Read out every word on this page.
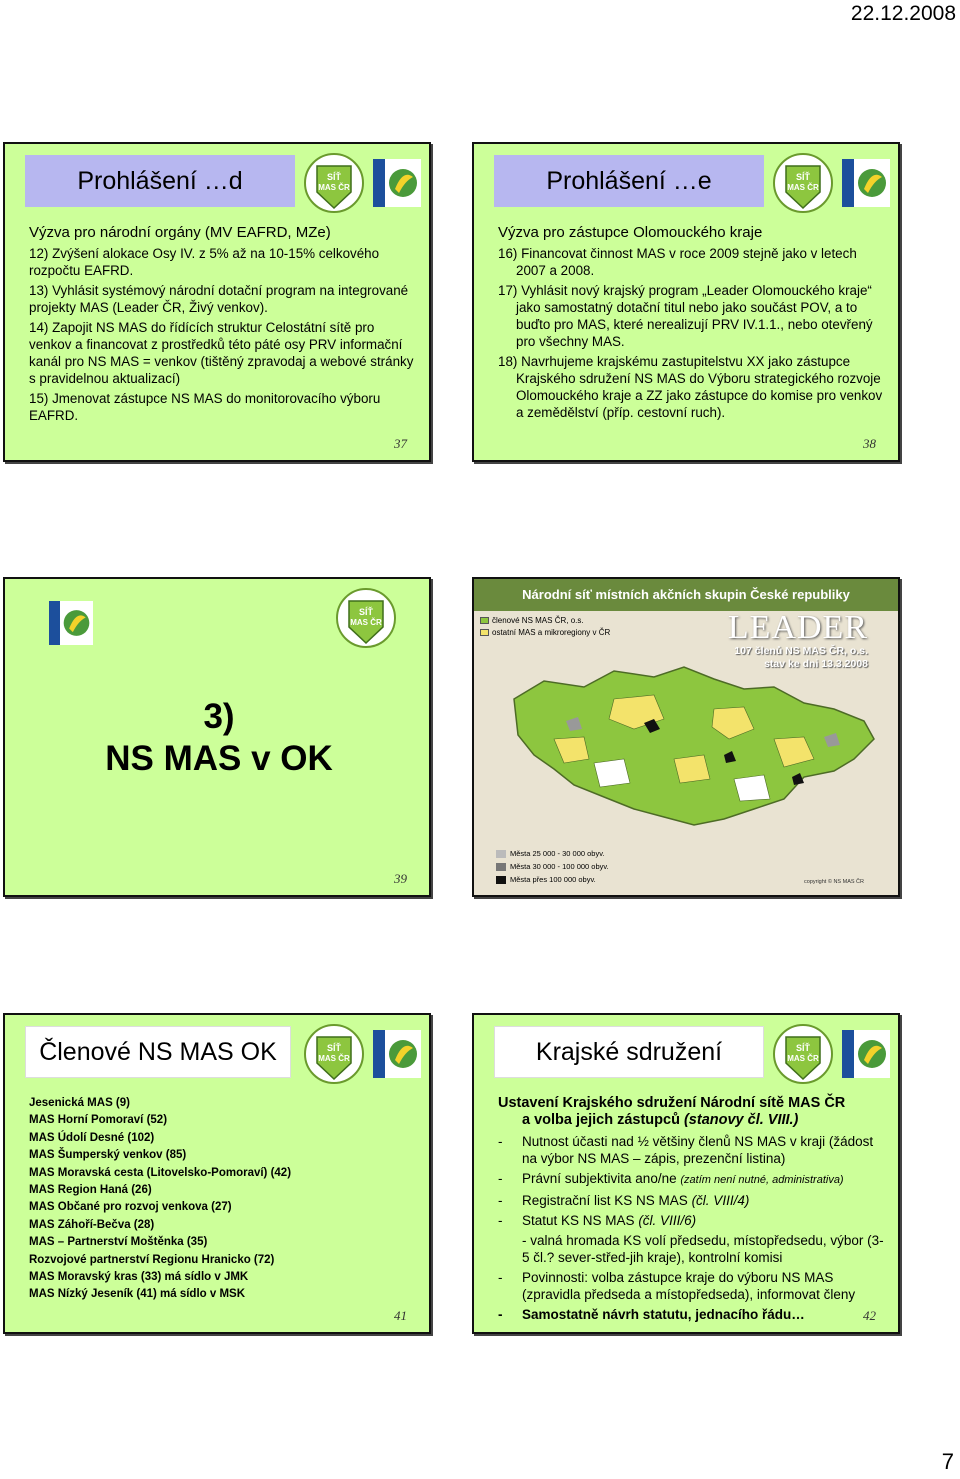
22.12.2008
Prohlášení …d	SÍŤ
MAS ČR
Výzva pro národní orgány (MV EAFRD, MZe)
12) Zvýšení alokace Osy IV. z 5% až na 10-15% celkového rozpočtu EAFRD.
13) Vyhlásit systémový národní dotační program na integrované projekty MAS (Leader ČR, Živý venkov).
14) Zapojit NS MAS do řídících struktur Celostátní sítě pro venkov a financovat z prostředků této páté osy PRV informační kanál pro NS MAS = venkov (tištěný zpravodaj a webové stránky s pravidelnou aktualizací)
15) Jmenovat zástupce NS MAS do monitorovacího výboru EAFRD.
37
Prohlášení …e	SÍŤ
MAS ČR
Výzva pro zástupce Olomouckého kraje
16) Financovat činnost MAS v roce 2009 stejně jako v letech 2007 a 2008.
17) Vyhlásit nový krajský program „Leader Olomouckého kraje“ jako samostatný dotační titul nebo jako součást POV, a to buďto pro MAS, které nerealizují PRV IV.1.1., nebo otevřený pro všechny MAS.
18) Navrhujeme krajskému zastupitelstvu XX jako zástupce Krajského sdružení NS MAS do Výboru strategického rozvoje Olomouckého kraje a ZZ jako zástupce do komise pro venkov a zemědělství (příp. cestovní ruch).
38
SÍŤ
MAS ČR
3)
NS MAS v OK
39
Národní síť místních akčních skupin České republiky
členové NS MAS ČR, o.s.
ostatní MAS a mikroregiony v ČR	LEADER
107 členů NS MAS ČR, o.s.
stav ke dni 13.3.2008
Města 25 000 - 30 000 obyv.
Města 30 000 - 100 000 obyv.
Města přes 100 000 obyv.	copyright © NS MAS ČR
Členové NS MAS OK	SÍŤ
MAS ČR
Jesenická MAS (9)
MAS Horní Pomoraví (52)
MAS Údolí Desné (102)
MAS Šumperský venkov (85)
MAS Moravská cesta (Litovelsko-Pomoraví) (42)
MAS Region Haná (26)
MAS Občané pro rozvoj venkova (27)
MAS Záhoří-Bečva (28)
MAS – Partnerství Moštěnka (35)
Rozvojové partnerství Regionu Hranicko (72)
MAS Moravský kras (33) má sídlo v JMK
MAS Nízký Jeseník (41) má sídlo v MSK
41
Krajské sdružení	SÍŤ
MAS ČR
Ustavení Krajského sdružení Národní sítě MAS ČR
a volba jejich zástupců (stanovy čl. VIII.)
-	Nutnost účasti nad ½ většiny členů NS MAS v kraji (žádost na výbor NS MAS – zápis, prezenční listina)
-	Právní subjektivita ano/ne (zatím není nutné, administrativa)
-	Registrační list KS NS MAS (čl. VIII/4)
-	Statut KS NS MAS (čl. VIII/6)
- valná hromada KS volí předsedu, místopředsedu, výbor (3-5 čl.? sever-střed-jih kraje), kontrolní komisi
-	Povinnosti: volba zástupce kraje do výboru NS MAS (zpravidla předseda a místopředseda), informovat členy
-	Samostatně návrh statutu, jednacího řádu…	42
7
